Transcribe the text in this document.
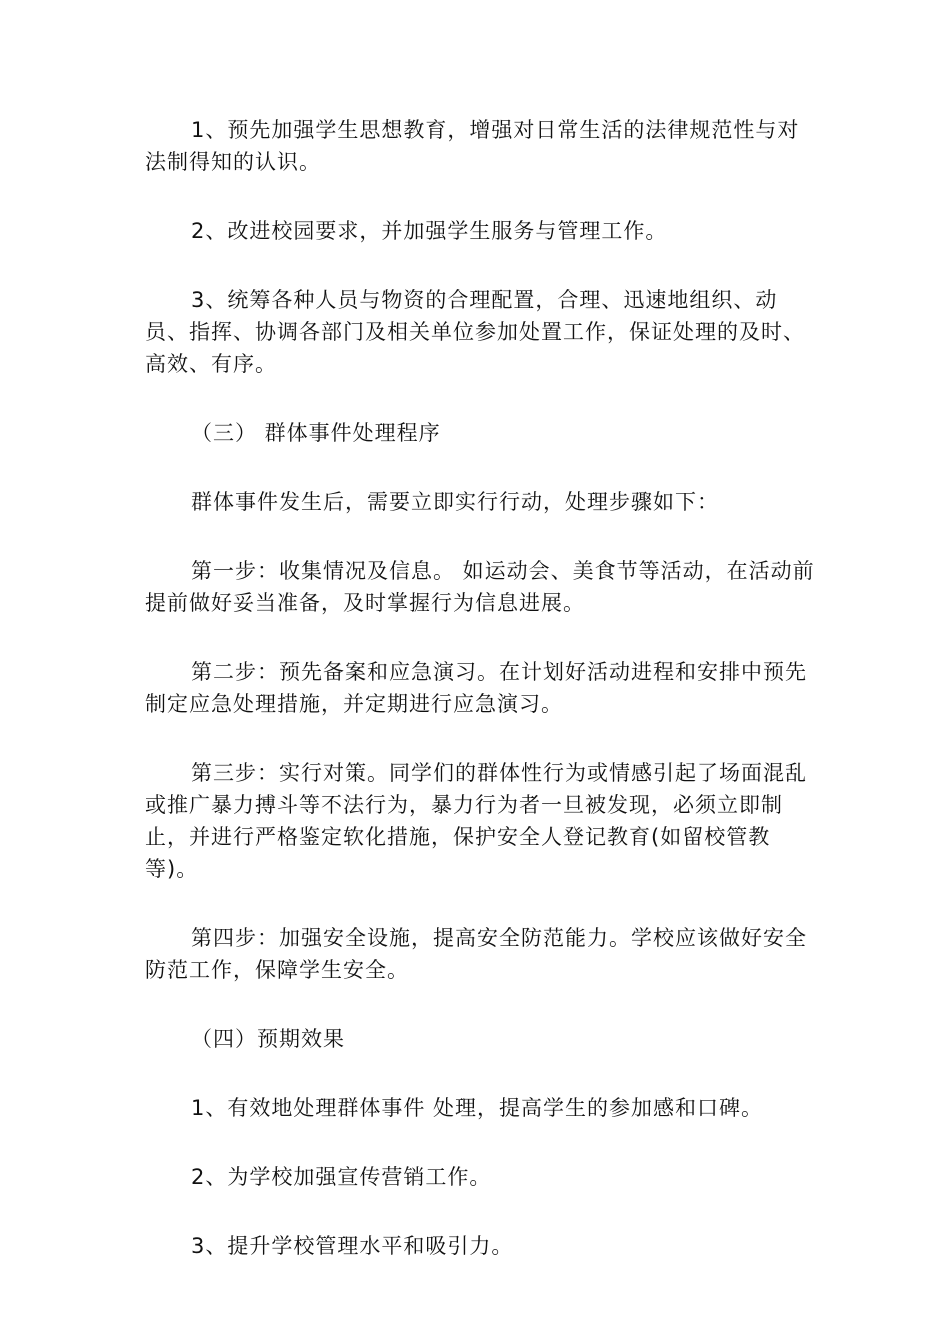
1、预先加强学生思想教育，增强对日常生活的法律规范性与对法制得知的认识。

2、改进校园要求，并加强学生服务与管理工作。

3、统筹各种人员与物资的合理配置，合理、迅速地组织、动员、指挥、协调各部门及相关单位参加处置工作，保证处理的及时、高效、有序。

（三） 群体事件处理程序

群体事件发生后，需要立即实行行动，处理步骤如下：

第一步：收集情况及信息。 如运动会、美食节等活动，在活动前提前做好妥当准备，及时掌握行为信息进展。

第二步：预先备案和应急演习。在计划好活动进程和安排中预先制定应急处理措施，并定期进行应急演习。

第三步：实行对策。同学们的群体性行为或情感引起了场面混乱或推广暴力搏斗等不法行为，暴力行为者一旦被发现，必须立即制止，并进行严格鉴定软化措施，保护安全人登记教育(如留校管教等)。

第四步：加强安全设施，提高安全防范能力。学校应该做好安全防范工作，保障学生安全。

（四）预期效果

1、有效地处理群体事件 处理，提高学生的参加感和口碑。

2、为学校加强宣传营销工作。

3、提升学校管理水平和吸引力。
